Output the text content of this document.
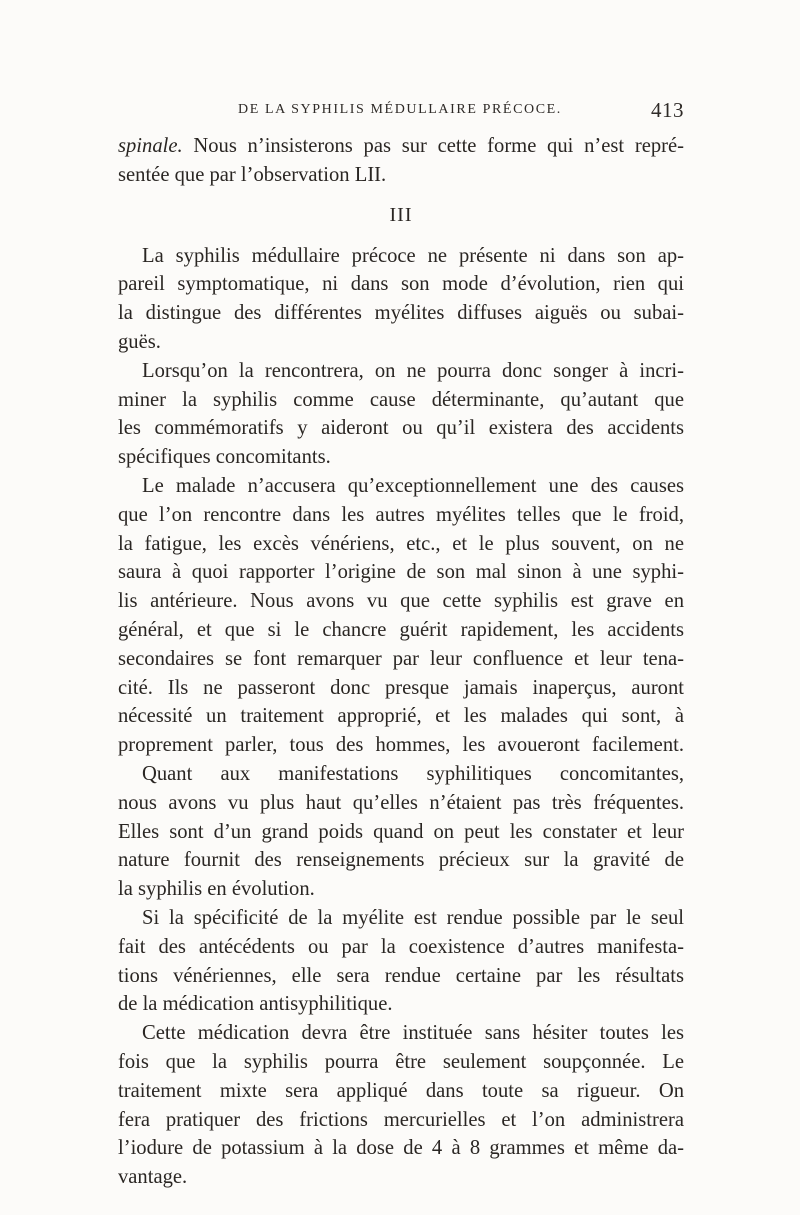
DE LA SYPHILIS MÉDULLAIRE PRÉCOCE.	413
spinale. Nous n’insisterons pas sur cette forme qui n’est repré-
sentée que par l’observation LII.
III
La syphilis médullaire précoce ne présente ni dans son ap-
pareil symptomatique, ni dans son mode d’évolution, rien qui
la distingue des différentes myélites diffuses aiguës ou subai-
guës.
Lorsqu’on la rencontrera, on ne pourra donc songer à incri-
miner la syphilis comme cause déterminante, qu’autant que
les commémoratifs y aideront ou qu’il existera des accidents
spécifiques concomitants.
Le malade n’accusera qu’exceptionnellement une des causes
que l’on rencontre dans les autres myélites telles que le froid,
la fatigue, les excès vénériens, etc., et le plus souvent, on ne
saura à quoi rapporter l’origine de son mal sinon à une syphi-
lis antérieure. Nous avons vu que cette syphilis est grave en
général, et que si le chancre guérit rapidement, les accidents
secondaires se font remarquer par leur confluence et leur tena-
cité. Ils ne passeront donc presque jamais inaperçus, auront
nécessité un traitement approprié, et les malades qui sont, à
proprement parler, tous des hommes, les avoueront facilement.
Quant aux manifestations syphilitiques concomitantes,
nous avons vu plus haut qu’elles n’étaient pas très fréquentes.
Elles sont d’un grand poids quand on peut les constater et leur
nature fournit des renseignements précieux sur la gravité de
la syphilis en évolution.
Si la spécificité de la myélite est rendue possible par le seul
fait des antécédents ou par la coexistence d’autres manifesta-
tions vénériennes, elle sera rendue certaine par les résultats
de la médication antisyphilitique.
Cette médication devra être instituée sans hésiter toutes les
fois que la syphilis pourra être seulement soupçonnée. Le
traitement mixte sera appliqué dans toute sa rigueur. On
fera pratiquer des frictions mercurielles et l’on administrera
l’iodure de potassium à la dose de 4 à 8 grammes et même da-
vantage.
